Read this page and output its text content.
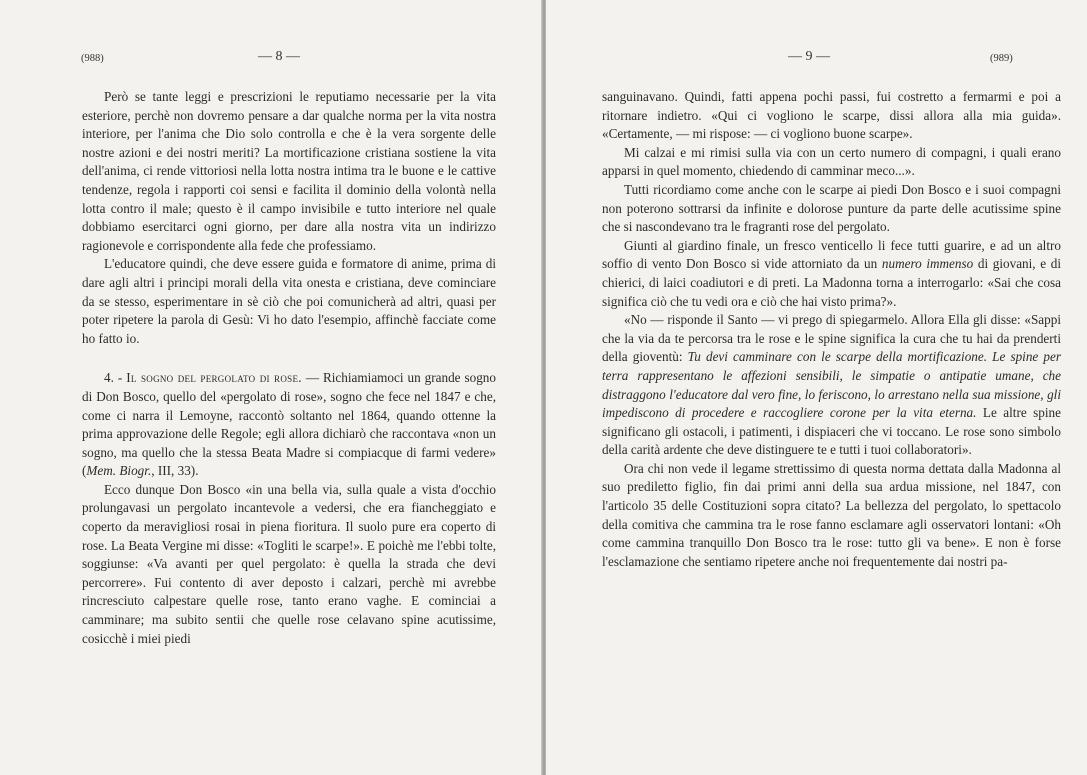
(988)	— 8 —

Però se tante leggi e prescrizioni le reputiamo necessarie per la vita esteriore, perchè non dovremo pensare a dar qualche norma per la vita nostra interiore, per l'anima che Dio solo controlla e che è la vera sorgente delle nostre azioni e dei nostri meriti? La mortificazione cristiana sostiene la vita dell'anima, ci rende vittoriosi nella lotta nostra intima tra le buone e le cattive tendenze, regola i rapporti coi sensi e facilita il dominio della volontà nella lotta contro il male; questo è il campo invisibile e tutto interiore nel quale dobbiamo esercitarci ogni giorno, per dare alla nostra vita un indirizzo ragionevole e corrispondente alla fede che professiamo.

L'educatore quindi, che deve essere guida e formatore di anime, prima di dare agli altri i principi morali della vita onesta e cristiana, deve cominciare da se stesso, esperimentare in sè ciò che poi comunicherà ad altri, quasi per poter ripetere la parola di Gesù: Vi ho dato l'esempio, affinchè facciate come ho fatto io.

4. - Il sogno del pergolato di rose. — Richiamiamoci un grande sogno di Don Bosco, quello del «pergolato di rose», sogno che fece nel 1847 e che, come ci narra il Lemoyne, raccontò soltanto nel 1864, quando ottenne la prima approvazione delle Regole; egli allora dichiarò che raccontava «non un sogno, ma quello che la stessa Beata Madre si compiacque di farmi vedere» (Mem. Biogr., III, 33).

Ecco dunque Don Bosco «in una bella via, sulla quale a vista d'occhio prolungavasi un pergolato incantevole a vedersi, che era fiancheggiato e coperto da meravigliosi rosai in piena fioritura. Il suolo pure era coperto di rose. La Beata Vergine mi disse: «Togliti le scarpe!». E poichè me l'ebbi tolte, soggiunse: «Va avanti per quel pergolato: è quella la strada che devi percorrere». Fui contento di aver deposto i calzari, perchè mi avrebbe rincresciuto calpestare quelle rose, tanto erano vaghe. E cominciai a camminare; ma subito sentii che quelle rose celavano spine acutissime, cosicchè i miei piedi

— 9 —	(989)

sanguinavano. Quindi, fatti appena pochi passi, fui costretto a fermarmi e poi a ritornare indietro. «Qui ci vogliono le scarpe, dissi allora alla mia guida». «Certamente, — mi rispose: — ci vogliono buone scarpe».

Mi calzai e mi rimisi sulla via con un certo numero di compagni, i quali erano apparsi in quel momento, chiedendo di camminar meco...».

Tutti ricordiamo come anche con le scarpe ai piedi Don Bosco e i suoi compagni non poterono sottrarsi da infinite e dolorose punture da parte delle acutissime spine che si nascondevano tra le fragranti rose del pergolato.

Giunti al giardino finale, un fresco venticello li fece tutti guarire, e ad un altro soffio di vento Don Bosco si vide attorniato da un numero immenso di giovani, e di chierici, di laici coadiutori e di preti. La Madonna torna a interrogarlo: «Sai che cosa significa ciò che tu vedi ora e ciò che hai visto prima?».

«No — risponde il Santo — vi prego di spiegarmelo. Allora Ella gli disse: «Sappi che la via da te percorsa tra le rose e le spine significa la cura che tu hai da prenderti della gioventù: Tu devi camminare con le scarpe della mortificazione. Le spine per terra rappresentano le affezioni sensibili, le simpatie o antipatie umane, che distraggono l'educatore dal vero fine, lo feriscono, lo arrestano nella sua missione, gli impediscono di procedere e raccogliere corone per la vita eterna. Le altre spine significano gli ostacoli, i patimenti, i dispiaceri che vi toccano. Le rose sono simbolo della carità ardente che deve distinguere te e tutti i tuoi collaboratori».

Ora chi non vede il legame strettissimo di questa norma dettata dalla Madonna al suo prediletto figlio, fin dai primi anni della sua ardua missione, nel 1847, con l'articolo 35 delle Costituzioni sopra citato? La bellezza del pergolato, lo spettacolo della comitiva che cammina tra le rose fanno esclamare agli osservatori lontani: «Oh come cammina tranquillo Don Bosco tra le rose: tutto gli va bene». E non è forse l'esclamazione che sentiamo ripetere anche noi frequentemente dai nostri pa-
